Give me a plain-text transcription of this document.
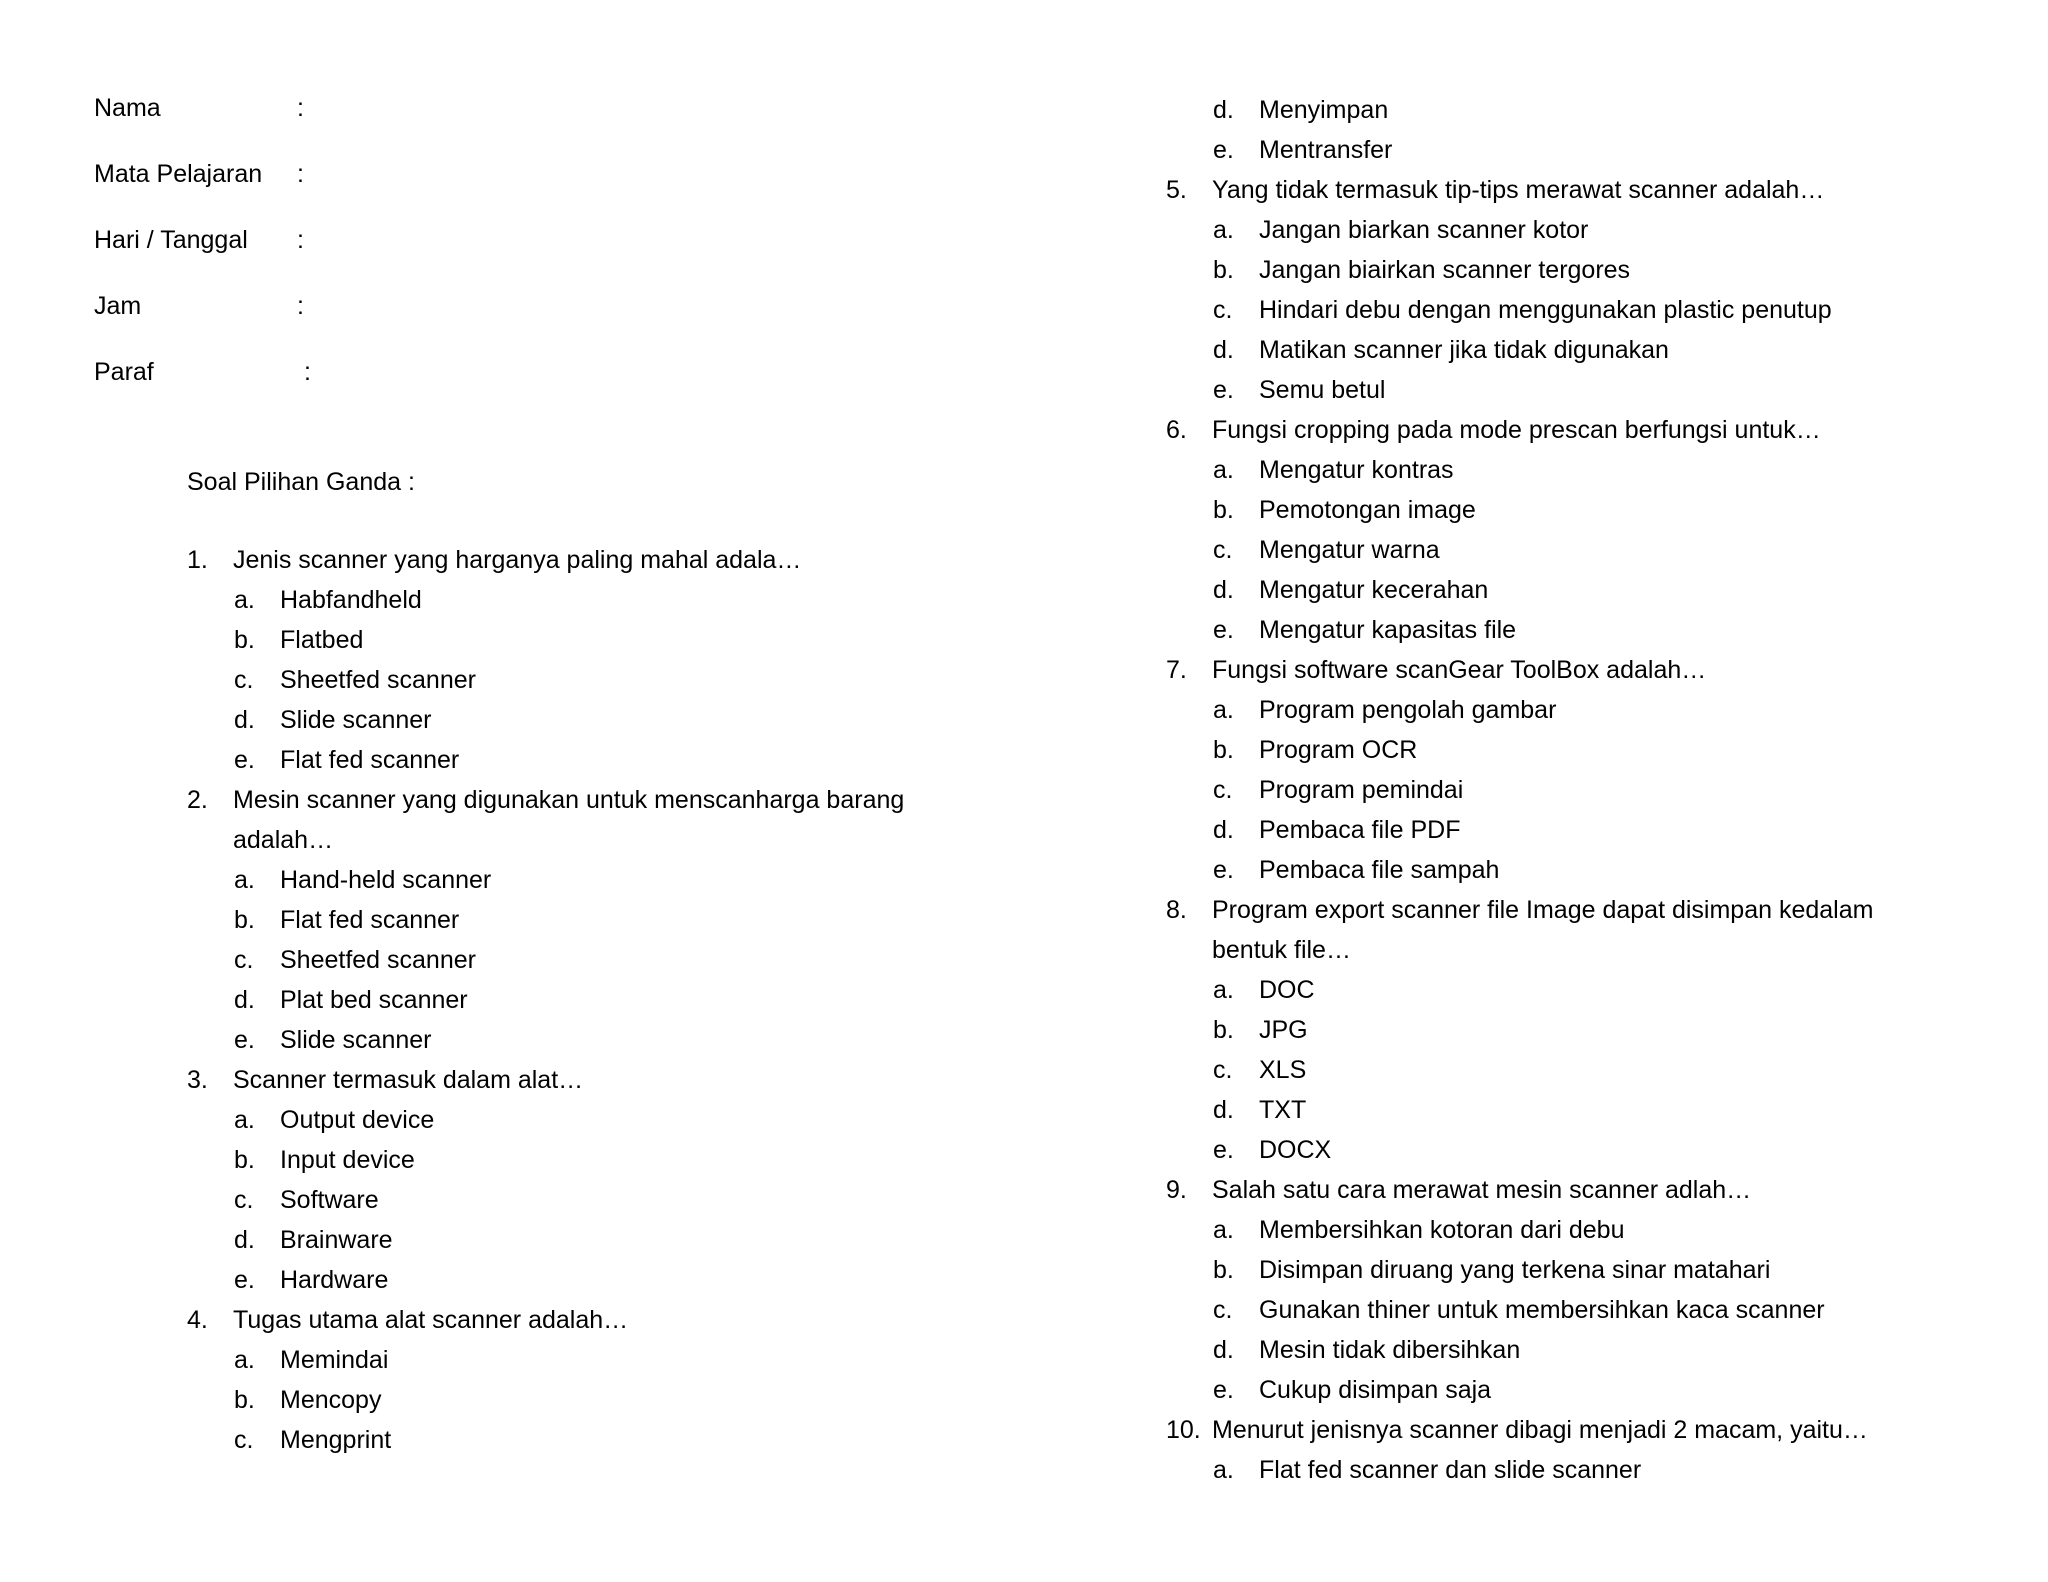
Nama	:
Mata Pelajaran :
Hari / Tanggal :
Jam	:
Paraf	:
Soal Pilihan Ganda :
1. Jenis scanner yang harganya paling mahal adala…
a. Habfandheld
b. Flatbed
c. Sheetfed scanner
d. Slide scanner
e. Flat fed scanner
2. Mesin scanner yang digunakan untuk menscanharga barang adalah…
a. Hand-held scanner
b. Flat fed scanner
c. Sheetfed scanner
d. Plat bed scanner
e. Slide scanner
3. Scanner termasuk dalam alat…
a. Output device
b. Input device
c. Software
d. Brainware
e. Hardware
4. Tugas utama alat scanner adalah…
a. Memindai
b. Mencopy
c. Mengprint
d. Menyimpan
e. Mentransfer
5. Yang tidak termasuk tip-tips merawat scanner adalah…
a. Jangan biarkan scanner kotor
b. Jangan biairkan scanner tergores
c. Hindari debu dengan menggunakan plastic penutup
d. Matikan scanner jika tidak digunakan
e. Semu betul
6. Fungsi cropping pada mode prescan berfungsi untuk…
a. Mengatur kontras
b. Pemotongan image
c. Mengatur warna
d. Mengatur kecerahan
e. Mengatur kapasitas file
7. Fungsi software scanGear ToolBox adalah…
a. Program pengolah gambar
b. Program OCR
c. Program pemindai
d. Pembaca file PDF
e. Pembaca file sampah
8. Program export scanner file Image dapat disimpan kedalam bentuk file…
a. DOC
b. JPG
c. XLS
d. TXT
e. DOCX
9. Salah satu cara merawat mesin scanner adlah…
a. Membersihkan kotoran dari debu
b. Disimpan diruang yang terkena sinar matahari
c. Gunakan thiner untuk membersihkan kaca scanner
d. Mesin tidak dibersihkan
e. Cukup disimpan saja
10. Menurut jenisnya scanner dibagi menjadi 2 macam, yaitu…
a. Flat fed scanner dan slide scanner
